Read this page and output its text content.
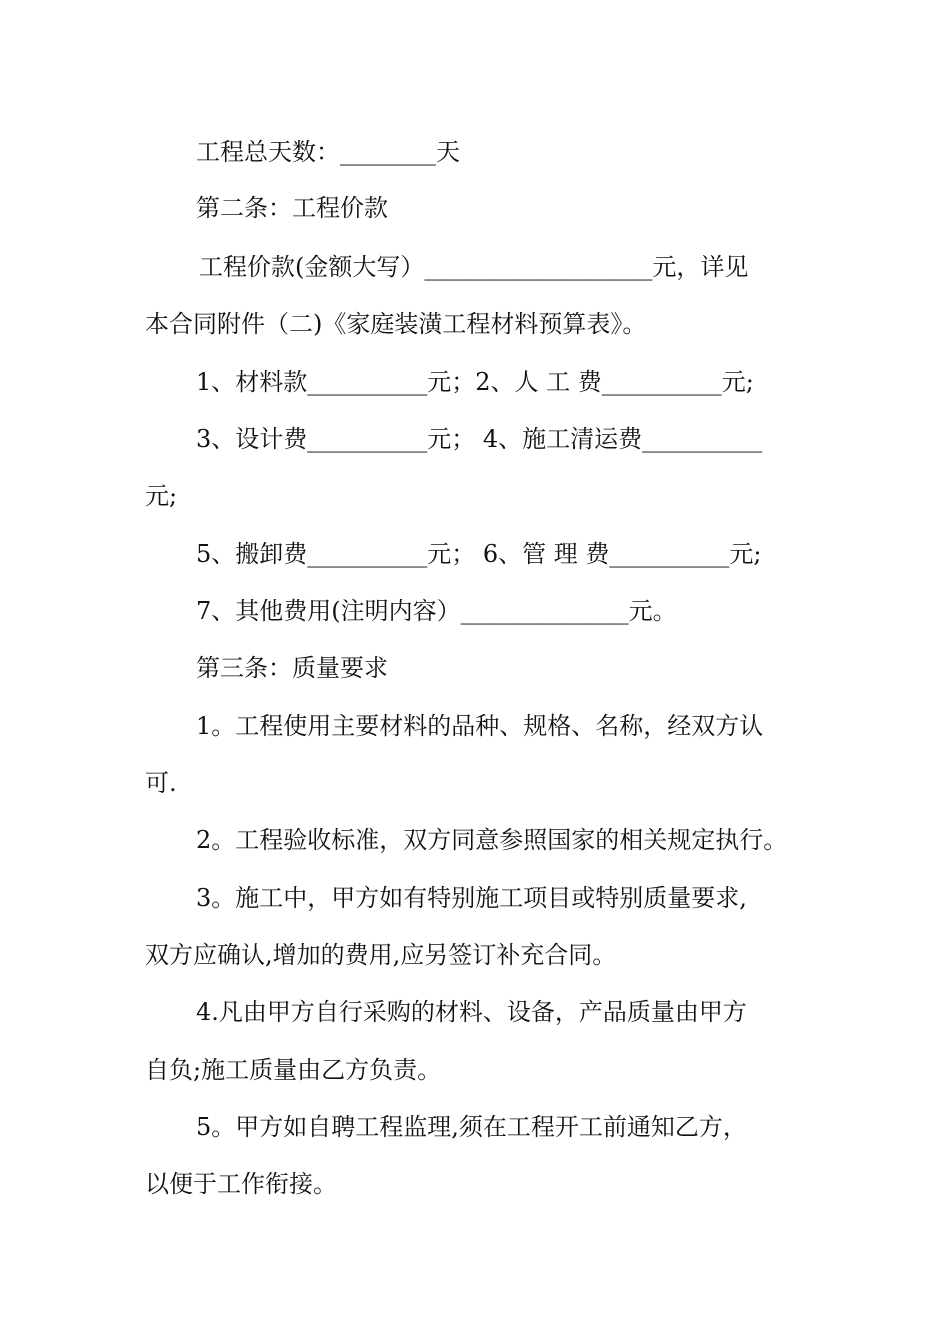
工程总天数：________天
第二条：工程价款
工程价款(金额大写）___________________元，详见
本合同附件（二)《家庭装潢工程材料预算表》。
1、材料款__________元；2、人 工 费__________元;
3、设计费__________元； 4、施工清运费__________
元;
5、搬卸费__________元； 6、管 理 费__________元;
7、其他费用(注明内容）______________元。
第三条：质量要求
1。工程使用主要材料的品种、规格、名称，经双方认
可.
2。工程验收标准，双方同意参照国家的相关规定执行。
3。施工中，甲方如有特别施工项目或特别质量要求,
双方应确认,增加的费用,应另签订补充合同。
4.凡由甲方自行采购的材料、设备，产品质量由甲方
自负;施工质量由乙方负责。
5。甲方如自聘工程监理,须在工程开工前通知乙方，
以便于工作衔接。
